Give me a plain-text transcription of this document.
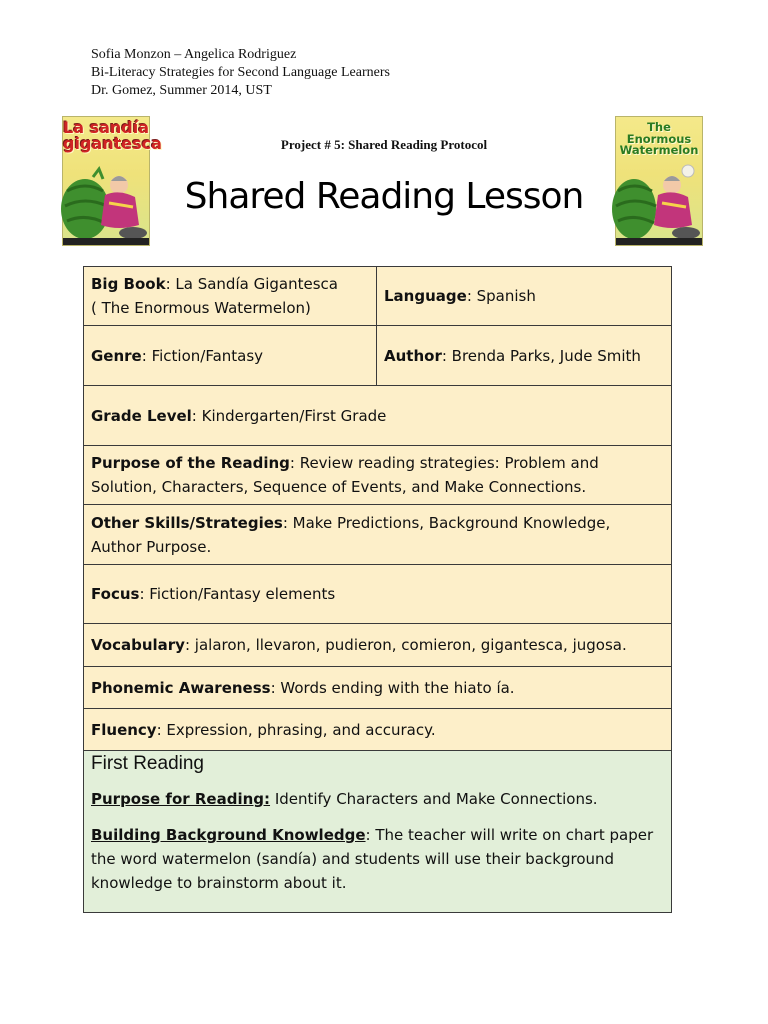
Sofia Monzon – Angelica Rodriguez
Bi-Literacy Strategies for Second Language Learners
Dr. Gomez, Summer 2014, UST
La sandía gigantesca
The Enormous Watermelon
Project # 5: Shared Reading Protocol
Shared Reading Lesson
Big Book: La Sandía Gigantesca
( The Enormous Watermelon)	Language: Spanish
Genre: Fiction/Fantasy	Author: Brenda Parks, Jude Smith
Grade Level: Kindergarten/First Grade	
Purpose of the Reading: Review reading strategies: Problem and Solution, Characters, Sequence of Events, and Make Connections.	
Other Skills/Strategies: Make Predictions, Background Knowledge, Author Purpose.	
Focus: Fiction/Fantasy elements	
Vocabulary: jalaron, llevaron, pudieron, comieron, gigantesca, jugosa.	
Phonemic Awareness: Words ending with the hiato ía.	
Fluency: Expression, phrasing, and accuracy.	

First Reading
Purpose for Reading: Identify Characters and Make Connections.
Building Background Knowledge: The teacher will write on chart paper the word watermelon (sandía) and students will use their background knowledge to brainstorm about it.	
